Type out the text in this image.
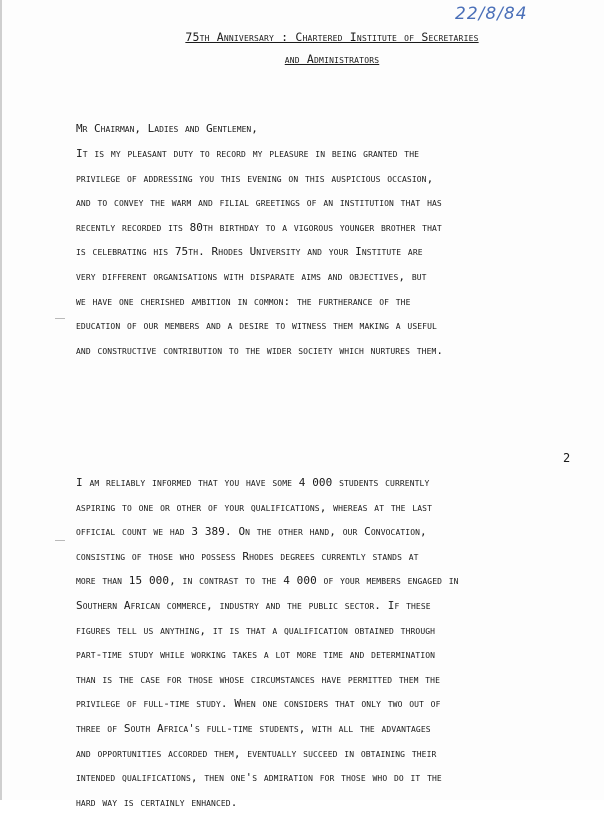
22/8/84
75th Anniversary : Chartered Institute of Secretaries
and Administrators
Mr Chairman, Ladies and Gentlemen,
It is my pleasant duty to record my pleasure in being granted the
privilege of addressing you this evening on this auspicious occasion,
and to convey the warm and filial greetings of an institution that has
recently recorded its 80th birthday to a vigorous younger brother that
is celebrating his 75th. Rhodes University and your Institute are
very different organisations with disparate aims and objectives, but
we have one cherished ambition in common: the furtherance of the
education of our members and a desire to witness them making a useful
and constructive contribution to the wider society which nurtures them.
2
I am reliably informed that you have some 4 000 students currently
aspiring to one or other of your qualifications, whereas at the last
official count we had 3 389. On the other hand, our Convocation,
consisting of those who possess Rhodes degrees currently stands at
more than 15 000, in contrast to the 4 000 of your members engaged in
Southern African commerce, industry and the public sector. If these
figures tell us anything, it is that a qualification obtained through
part-time study while working takes a lot more time and determination
than is the case for those whose circumstances have permitted them the
privilege of full-time study. When one considers that only two out of
three of South Africa's full-time students, with all the advantages
and opportunities accorded them, eventually succeed in obtaining their
intended qualifications, then one's admiration for those who do it the
hard way is certainly enhanced.
